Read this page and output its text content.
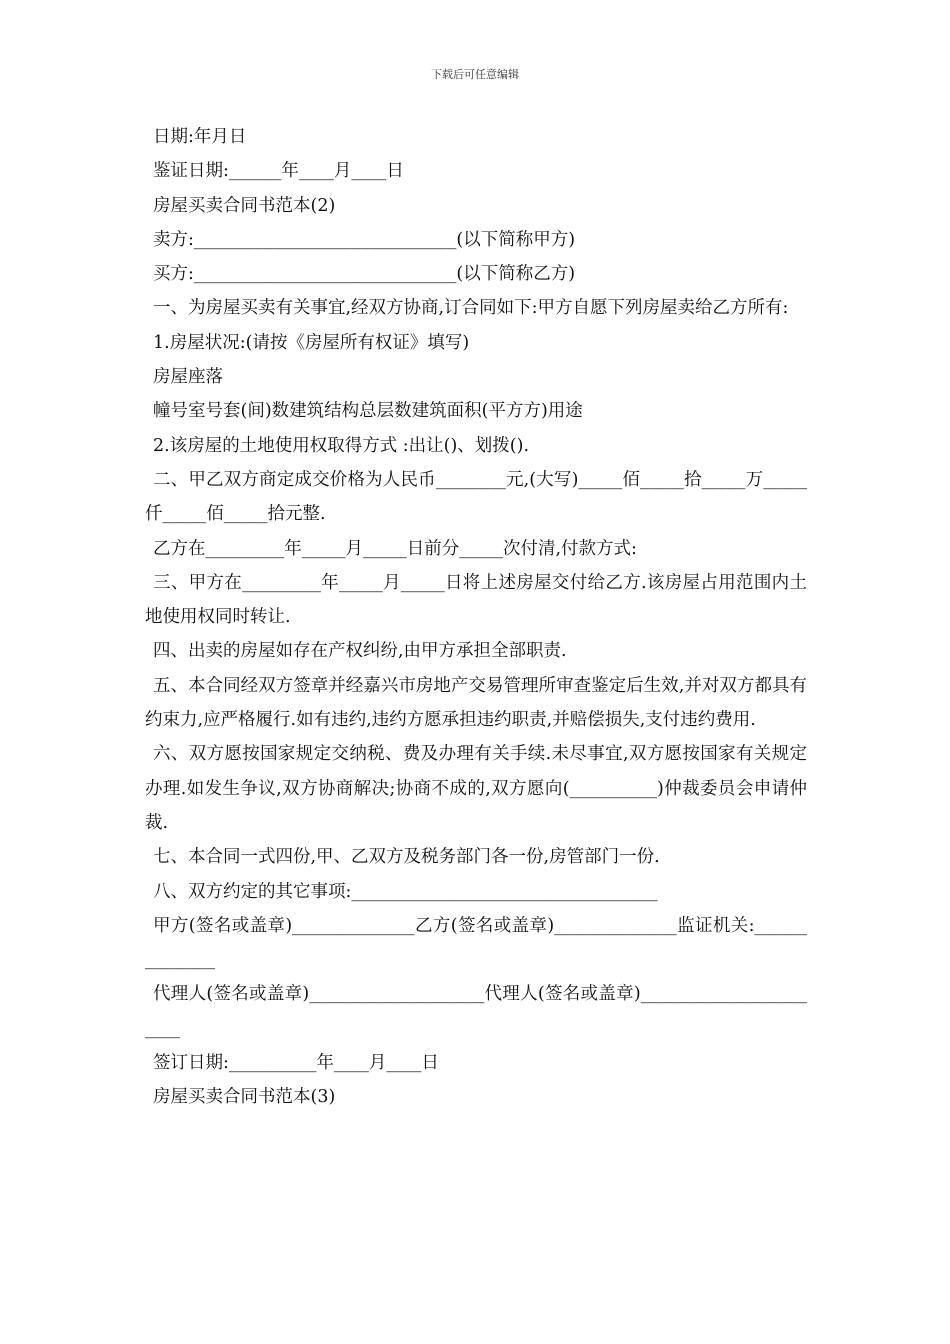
下载后可任意编辑

日期:年月日

鉴证日期:______年____月____日

房屋买卖合同书范本(2)

卖方:______________________________(以下简称甲方)

买方:______________________________(以下简称乙方)

一、为房屋买卖有关事宜,经双方协商,订合同如下:甲方自愿下列房屋卖给乙方所有:

1.房屋状况:(请按《房屋所有权证》填写)

房屋座落

幢号室号套(间)数建筑结构总层数建筑面积(平方方)用途

2.该房屋的土地使用权取得方式 :出让()、划拨().

二、甲乙双方商定成交价格为人民币________元,(大写)_____佰_____拾_____万_____仟_____佰_____拾元整.

乙方在_________年_____月_____日前分_____次付清,付款方式:

三、甲方在_________年_____月_____日将上述房屋交付给乙方.该房屋占用范围内土地使用权同时转让.

四、出卖的房屋如存在产权纠纷,由甲方承担全部职责.

五、本合同经双方签章并经嘉兴市房地产交易管理所审查鉴定后生效,并对双方都具有约束力,应严格履行.如有违约,违约方愿承担违约职责,并赔偿损失,支付违约费用.

六、双方愿按国家规定交纳税、费及办理有关手续.未尽事宜,双方愿按国家有关规定办理.如发生争议,双方协商解决;协商不成的,双方愿向(__________)仲裁委员会申请仲裁.

七、本合同一式四份,甲、乙双方及税务部门各一份,房管部门一份.

八、双方约定的其它事项:___________________________________

甲方(签名或盖章)______________乙方(签名或盖章)______________监证机关:______________

代理人(签名或盖章)____________________代理人(签名或盖章)_______________________

签订日期:__________年____月____日

房屋买卖合同书范本(3)
